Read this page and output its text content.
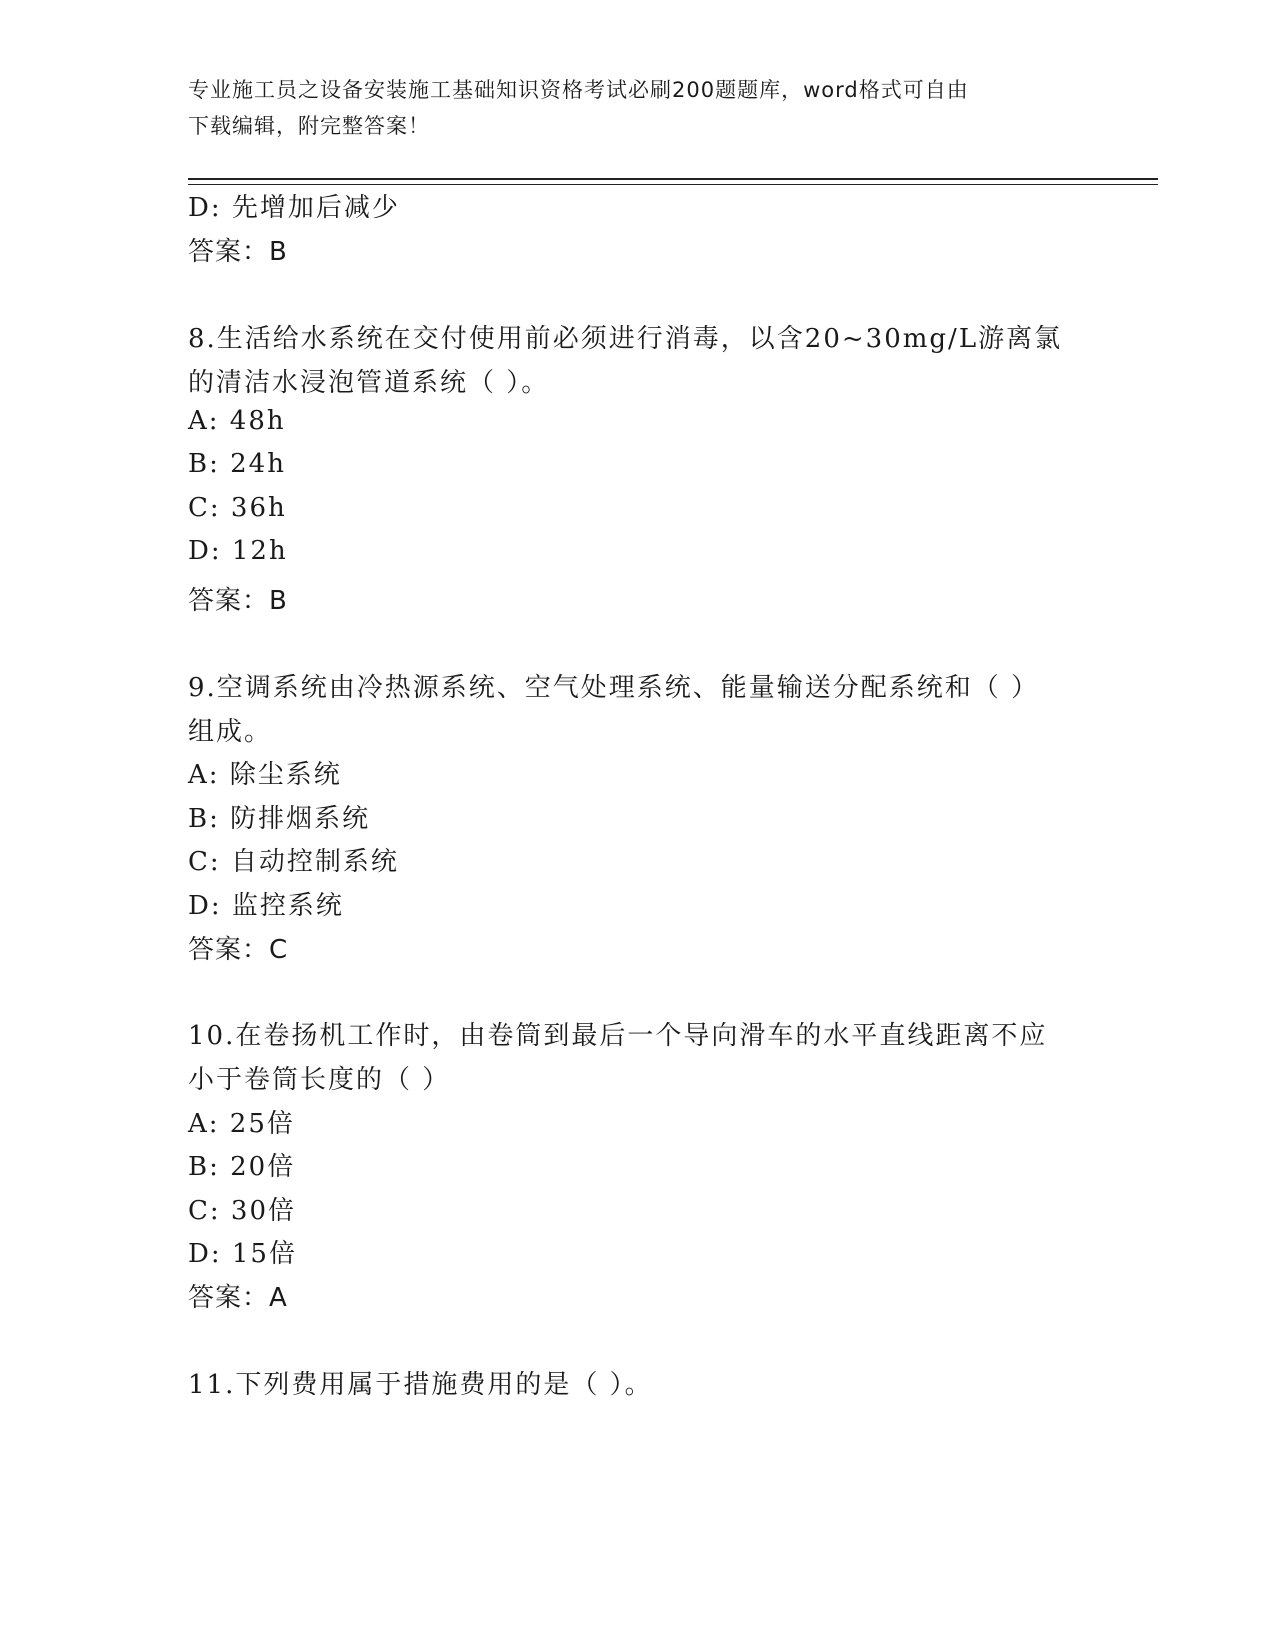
专业施工员之设备安装施工基础知识资格考试必刷200题题库，word格式可自由
下载编辑，附完整答案！
D: 先增加后减少
答案：B
8.生活给水系统在交付使用前必须进行消毒，以含20~30mg/L游离氯
的清洁水浸泡管道系统（ ）。
A: 48h
B: 24h
C: 36h
D: 12h
答案：B
9.空调系统由冷热源系统、空气处理系统、能量输送分配系统和（ ）
组成。
A: 除尘系统
B: 防排烟系统
C: 自动控制系统
D: 监控系统
答案：C
10.在卷扬机工作时，由卷筒到最后一个导向滑车的水平直线距离不应
小于卷筒长度的（ ）
A: 25倍
B: 20倍
C: 30倍
D: 15倍
答案：A
11.下列费用属于措施费用的是（ ）。
